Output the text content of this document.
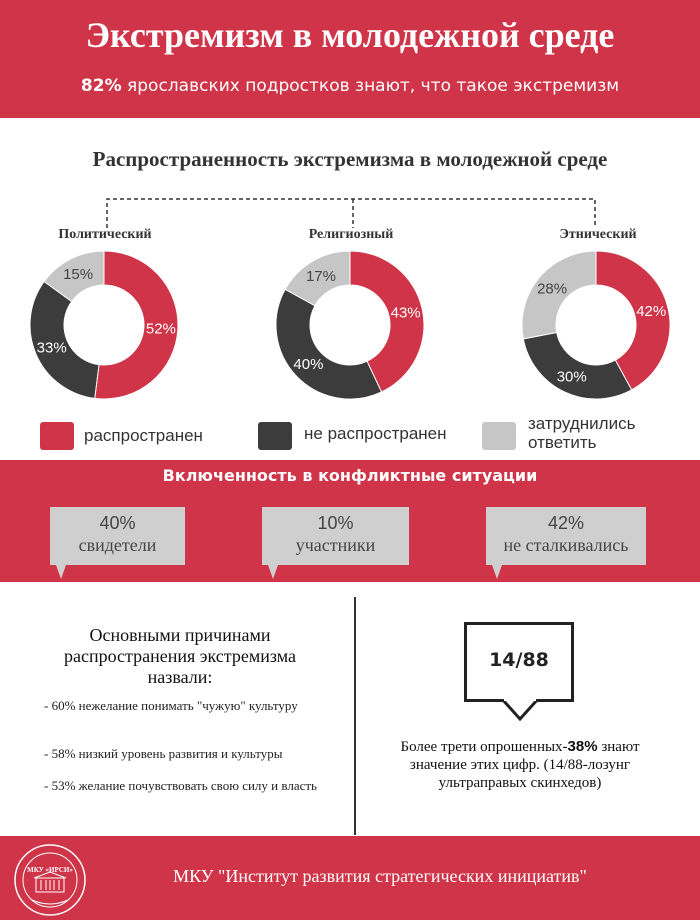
Экстремизм в молодежной среде
82% ярославских подростков знают, что такое экстремизм
Распространенность экстремизма в молодежной среде
Политический	Религиозный	Этнический
52%
33%
15%
43%
40%
17%
42%
30%
28%
распространен	не распространен
затруднились
ответить
Включенность в конфликтные ситуации
40%
свидетели
10%
участники
42%
не сталкивались
Основными причинами распространения экстремизма назвали:
- 60% нежелание понимать "чужую" культуру
- 58% низкий уровень развития и культуры
- 53% желание почувствовать свою силу и власть
14/88
Более трети опрошенных-38% знают значение этих цифр. (14/88-лозунг ультраправых скинхедов)
МКУ «ИРСИ»	МКУ "Институт развития стратегических инициатив"
